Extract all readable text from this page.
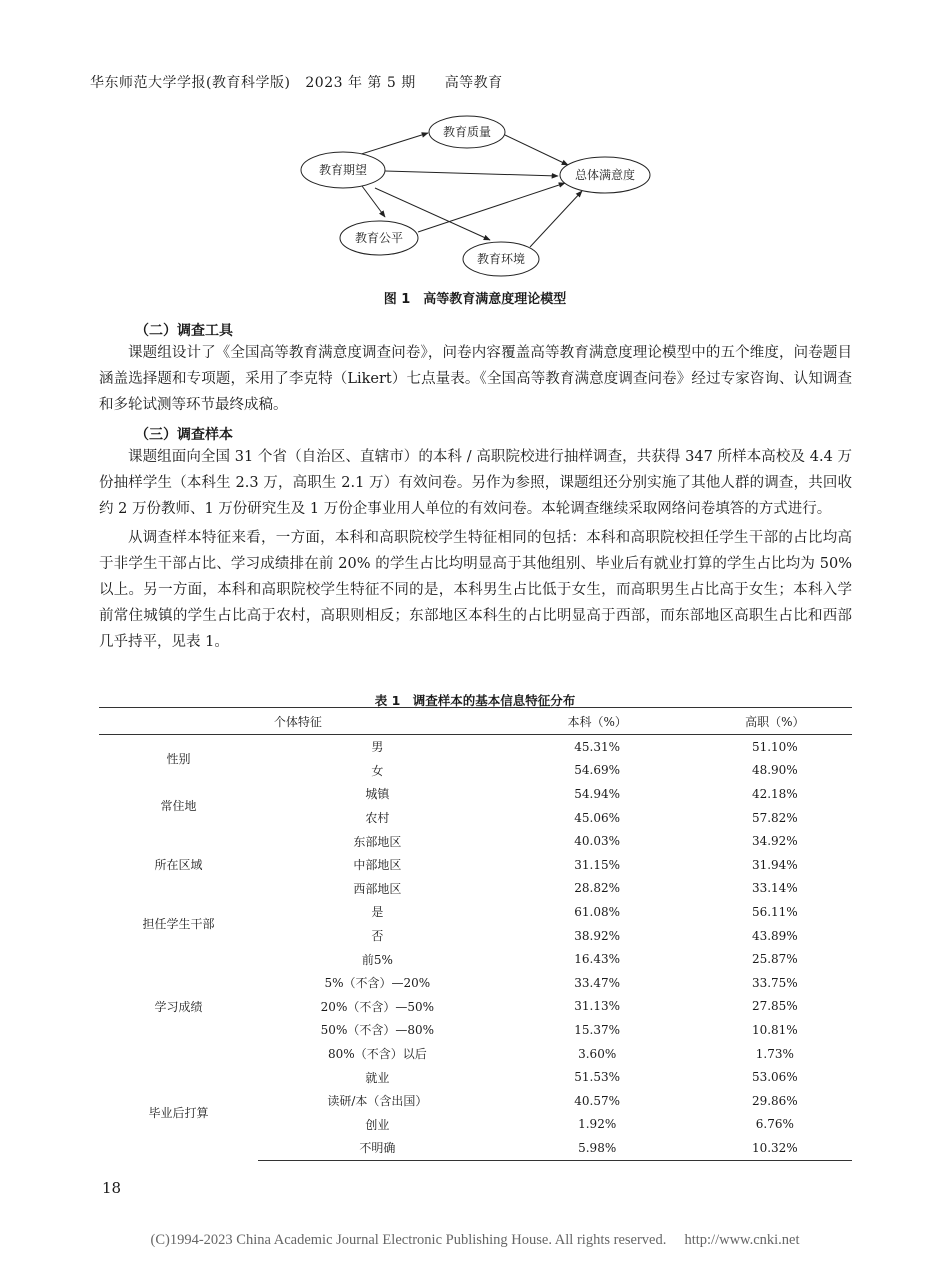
华东师范大学学报(教育科学版) 2023 年 第 5 期 高等教育
教育质量
教育期望	总体满意度
教育公平
教育环境
图 1　高等教育满意度理论模型
（二）调查工具

课题组设计了《全国高等教育满意度调查问卷》，问卷内容覆盖高等教育满意度理论模型中的五个维度，问卷题目涵盖选择题和专项题，采用了李克特（Likert）七点量表。《全国高等教育满意度调查问卷》经过专家咨询、认知调查和多轮试测等环节最终成稿。

（三）调查样本

课题组面向全国 31 个省（自治区、直辖市）的本科 / 高职院校进行抽样调查，共获得 347 所样本高校及 4.4 万份抽样学生（本科生 2.3 万，高职生 2.1 万）有效问卷。另作为参照，课题组还分别实施了其他人群的调查，共回收约 2 万份教师、1 万份研究生及 1 万份企事业用人单位的有效问卷。本轮调查继续采取网络问卷填答的方式进行。

从调查样本特征来看，一方面，本科和高职院校学生特征相同的包括：本科和高职院校担任学生干部的占比均高于非学生干部占比、学习成绩排在前 20% 的学生占比均明显高于其他组别、毕业后有就业打算的学生占比均为 50% 以上。另一方面，本科和高职院校学生特征不同的是，本科男生占比低于女生，而高职男生占比高于女生；本科入学前常住城镇的学生占比高于农村，高职则相反；东部地区本科生的占比明显高于西部，而东部地区高职生占比和西部几乎持平，见表 1。

表 1　调查样本的基本信息特征分布
个体特征		本科（%）	高职（%）
性别	男	45.31%	51.10%
	女	54.69%	48.90%
常住地	城镇	54.94%	42.18%
	农村	45.06%	57.82%
所在区域	东部地区	40.03%	34.92%
	中部地区	31.15%	31.94%
	西部地区	28.82%	33.14%
担任学生干部	是	61.08%	56.11%
	否	38.92%	43.89%
学习成绩	前5%	16.43%	25.87%
	5%（不含）—20%	33.47%	33.75%
	20%（不含）—50%	31.13%	27.85%
	50%（不含）—80%	15.37%	10.81%
	80%（不含）以后	3.60%	1.73%
毕业后打算	就业	51.53%	53.06%
	读研/本（含出国）	40.57%	29.86%
	创业	1.92%	6.76%
	不明确	5.98%	10.32%
18
(C)1994-2023 China Academic Journal Electronic Publishing House. All rights reserved.　 http://www.cnki.net
